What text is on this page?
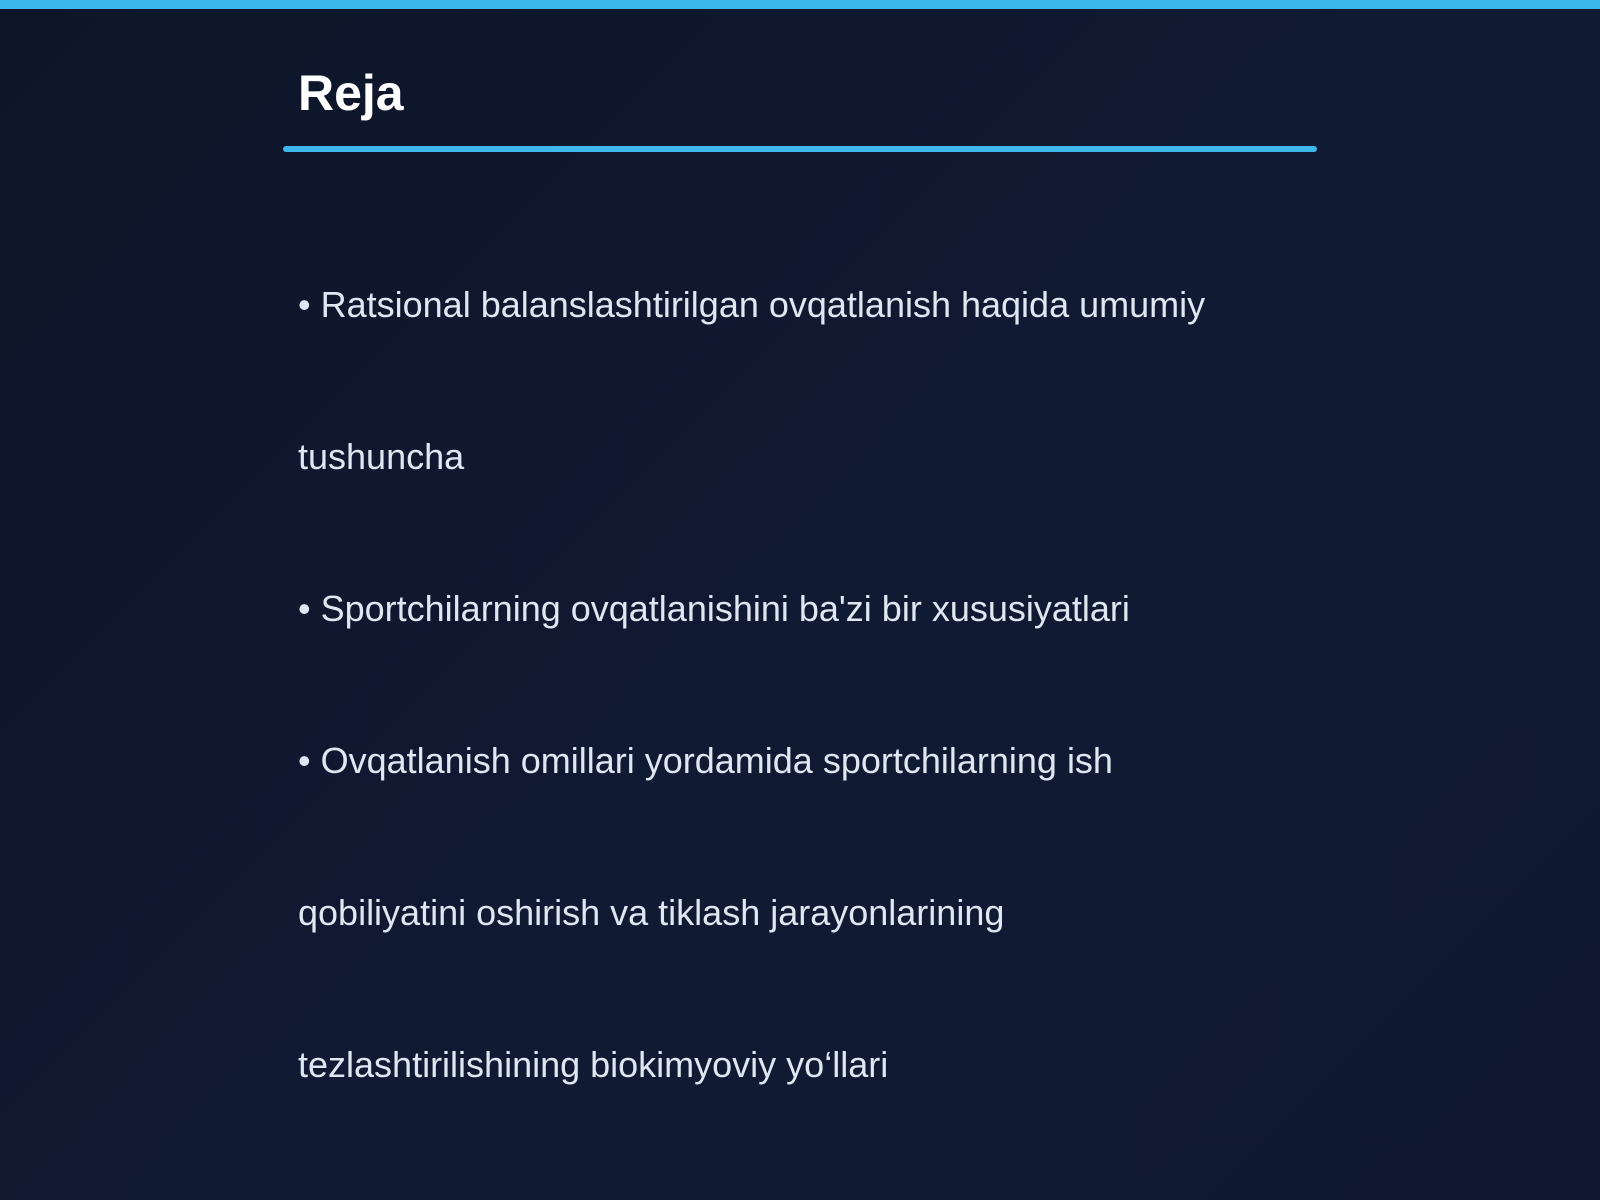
Reja
• Ratsional balanslashtirilgan ovqatlanish haqida umumiy
tushuncha
• Sportchilarning ovqatlanishini ba'zi bir xususiyatlari
• Ovqatlanish omillari yordamida sportchilarning ish
qobiliyatini oshirish va tiklash jarayonlarining
tezlashtirilishining biokimyoviy yo‘llari
